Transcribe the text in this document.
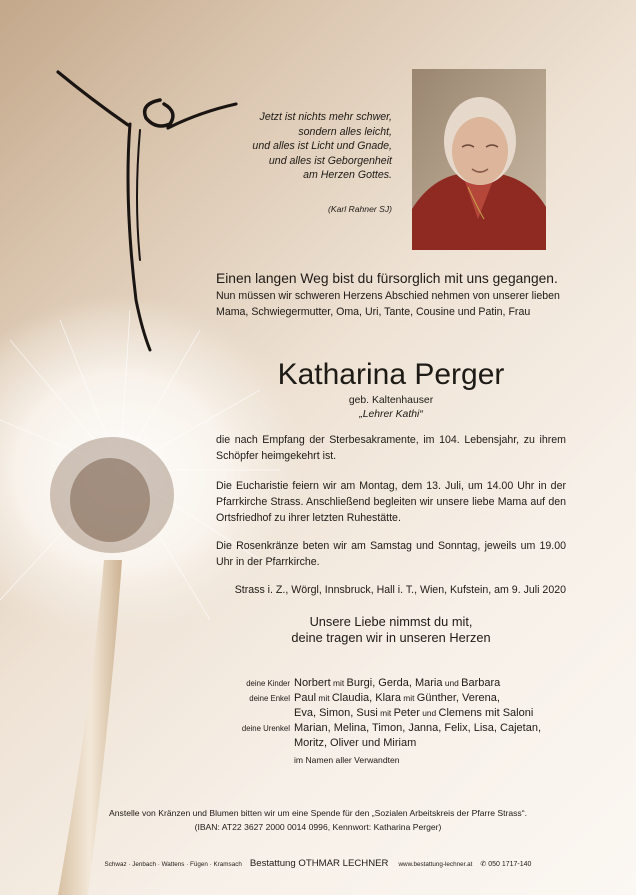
Jetzt ist nichts mehr schwer,
sondern alles leicht,
und alles ist Licht und Gnade,
und alles ist Geborgenheit
am Herzen Gottes.
(Karl Rahner SJ)
Einen langen Weg bist du fürsorglich mit uns gegangen.
Nun müssen wir schweren Herzens Abschied nehmen von unserer lieben Mama, Schwiegermutter, Oma, Uri, Tante, Cousine und Patin, Frau
Katharina Perger
geb. Kaltenhauser
„Lehrer Kathi“
die nach Empfang der Sterbesakramente, im 104. Lebensjahr, zu ihrem Schöpfer heimgekehrt ist.
Die Eucharistie feiern wir am Montag, dem 13. Juli, um 14.00 Uhr in der Pfarrkirche Strass. Anschließend begleiten wir unsere liebe Mama auf den Ortsfriedhof zu ihrer letzten Ruhestätte.
Die Rosenkränze beten wir am Samstag und Sonntag, jeweils um 19.00 Uhr in der Pfarrkirche.
Strass i. Z., Wörgl, Innsbruck, Hall i. T., Wien, Kufstein, am 9. Juli 2020
Unsere Liebe nimmst du mit,
deine tragen wir in unseren Herzen
deine Kinder Norbert mit Burgi, Gerda, Maria und Barbara
deine Enkel Paul mit Claudia, Klara mit Günther, Verena,
Eva, Simon, Susi mit Peter und Clemens mit Saloni
deine Urenkel Marian, Melina, Timon, Janna, Felix, Lisa, Cajetan,
Moritz, Oliver und Miriam
im Namen aller Verwandten
Anstelle von Kränzen und Blumen bitten wir um eine Spende für den „Sozialen Arbeitskreis der Pfarre Strass“.
(IBAN: AT22 3627 2000 0014 0996, Kennwort: Katharina Perger)
Schwaz · Jenbach · Wattens · Fügen · Kramsach Bestattung OTHMAR LECHNER www.bestattung-lechner.at ✆ 050 1717-140
